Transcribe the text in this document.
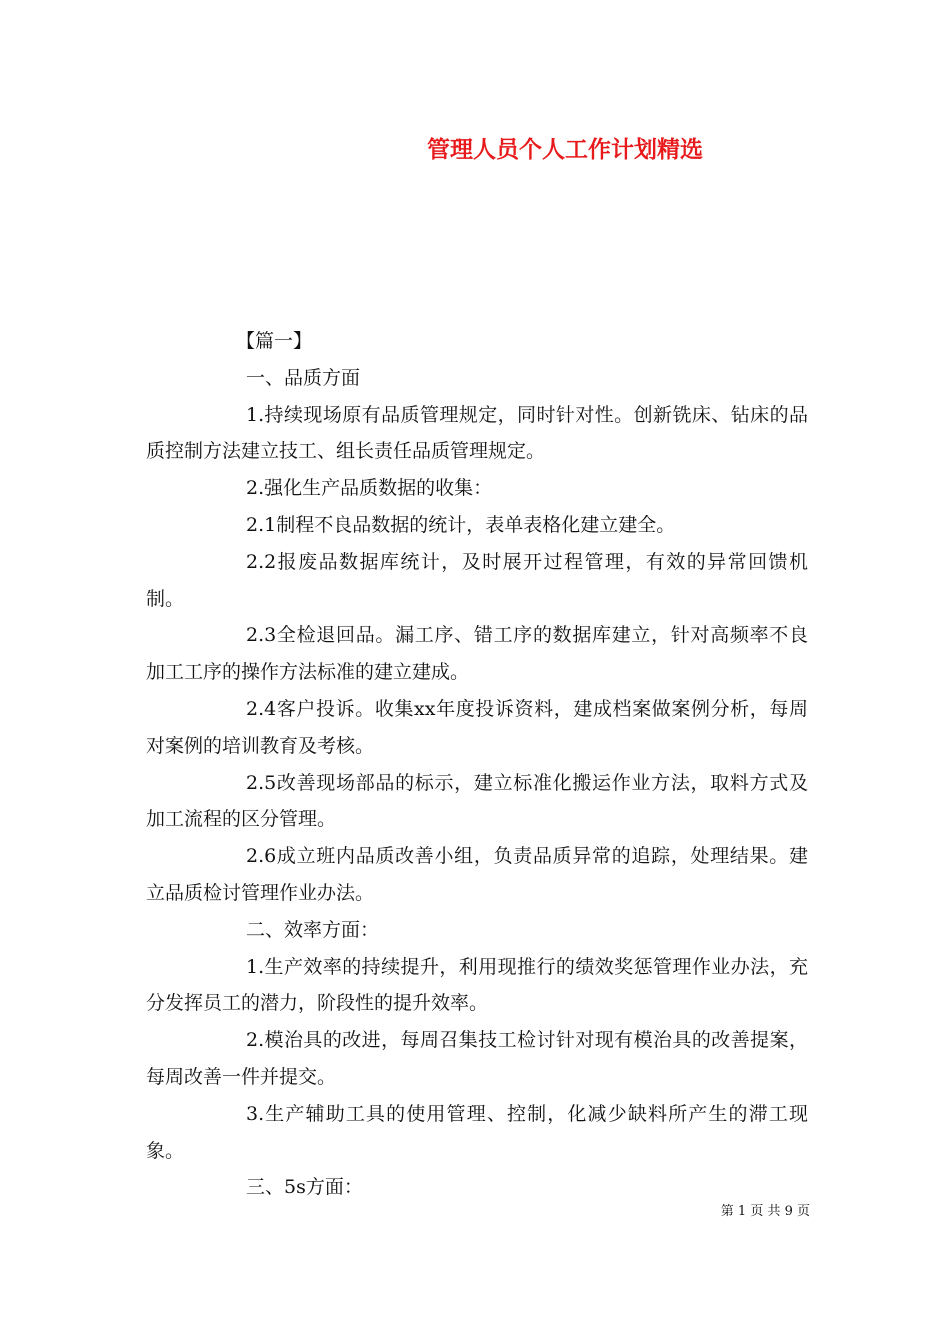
管理人员个人工作计划精选

【篇一】

一、品质方面

1.持续现场原有品质管理规定，同时针对性。创新铣床、钻床的品质控制方法建立技工、组长责任品质管理规定。

2.强化生产品质数据的收集：

2.1制程不良品数据的统计，表单表格化建立建全。

2.2报废品数据库统计，及时展开过程管理，有效的异常回馈机制。

2.3全检退回品。漏工序、错工序的数据库建立，针对高频率不良加工工序的操作方法标准的建立建成。

2.4客户投诉。收集xx年度投诉资料，建成档案做案例分析，每周对案例的培训教育及考核。

2.5改善现场部品的标示，建立标准化搬运作业方法，取料方式及加工流程的区分管理。

2.6成立班内品质改善小组，负责品质异常的追踪，处理结果。建立品质检讨管理作业办法。

二、效率方面：

1.生产效率的持续提升，利用现推行的绩效奖惩管理作业办法，充分发挥员工的潜力，阶段性的提升效率。

2.模治具的改进，每周召集技工检讨针对现有模治具的改善提案，每周改善一件并提交。

3.生产辅助工具的使用管理、控制，化减少缺料所产生的滞工现象。

三、5s方面：

第 1 页 共 9 页
